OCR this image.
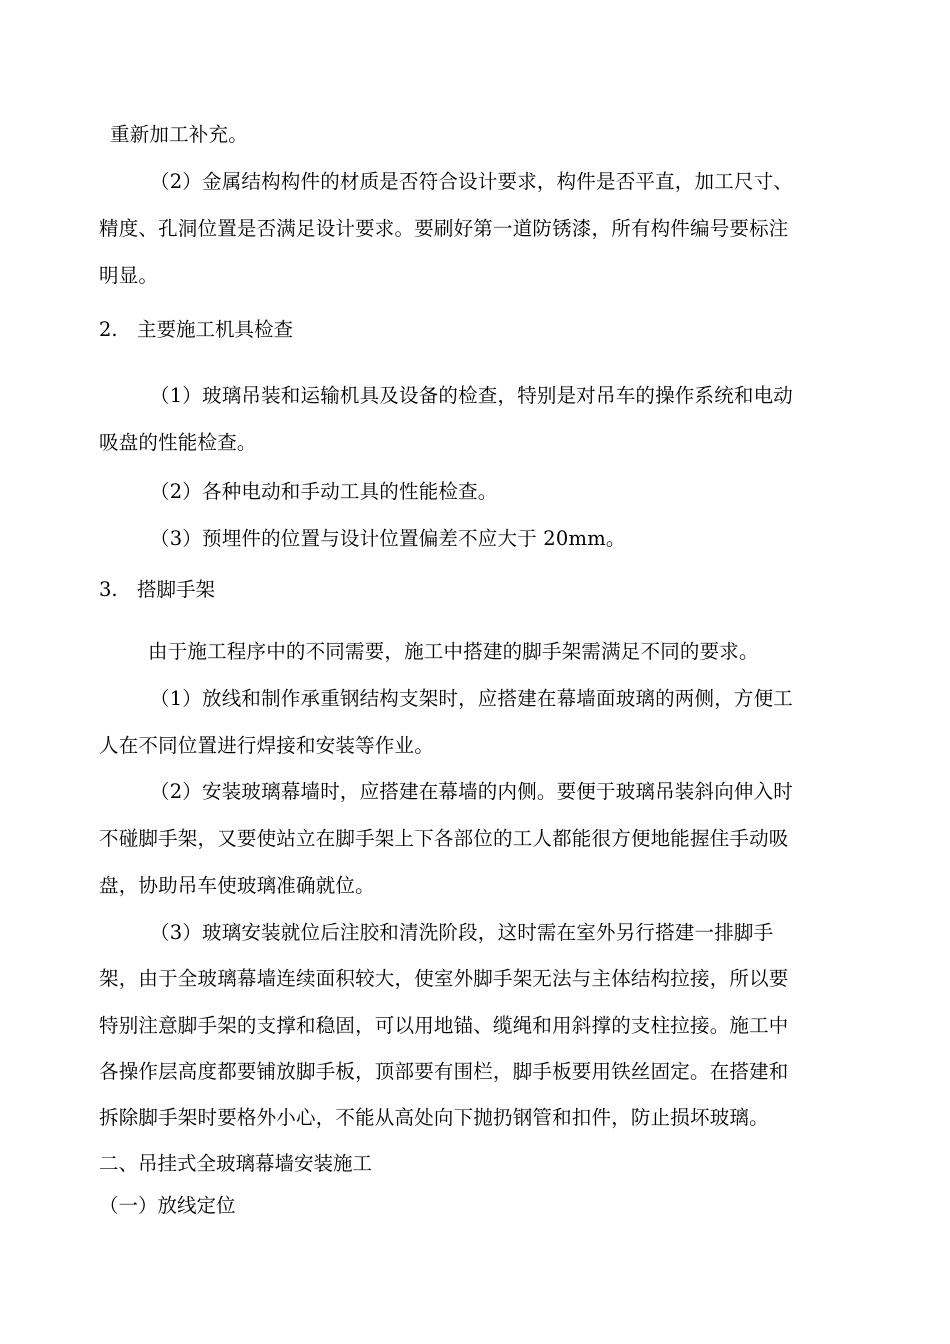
重新加工补充。
（2）金属结构构件的材质是否符合设计要求，构件是否平直，加工尺寸、
精度、孔洞位置是否满足设计要求。要刷好第一道防锈漆，所有构件编号要标注
明显。
2. 主要施工机具检查
（1）玻璃吊装和运输机具及设备的检查，特别是对吊车的操作系统和电动
吸盘的性能检查。
（2）各种电动和手动工具的性能检查。
（3）预埋件的位置与设计位置偏差不应大于 20mm。
3. 搭脚手架
由于施工程序中的不同需要，施工中搭建的脚手架需满足不同的要求。
（1）放线和制作承重钢结构支架时，应搭建在幕墙面玻璃的两侧，方便工
人在不同位置进行焊接和安装等作业。
（2）安装玻璃幕墙时，应搭建在幕墙的内侧。要便于玻璃吊装斜向伸入时
不碰脚手架，又要使站立在脚手架上下各部位的工人都能很方便地能握住手动吸
盘，协助吊车使玻璃准确就位。
（3）玻璃安装就位后注胶和清洗阶段，这时需在室外另行搭建一排脚手
架，由于全玻璃幕墙连续面积较大，使室外脚手架无法与主体结构拉接，所以要
特别注意脚手架的支撑和稳固，可以用地锚、缆绳和用斜撑的支柱拉接。施工中
各操作层高度都要铺放脚手板，顶部要有围栏，脚手板要用铁丝固定。在搭建和
拆除脚手架时要格外小心，不能从高处向下抛扔钢管和扣件，防止损坏玻璃。
二、吊挂式全玻璃幕墙安装施工
（一）放线定位
